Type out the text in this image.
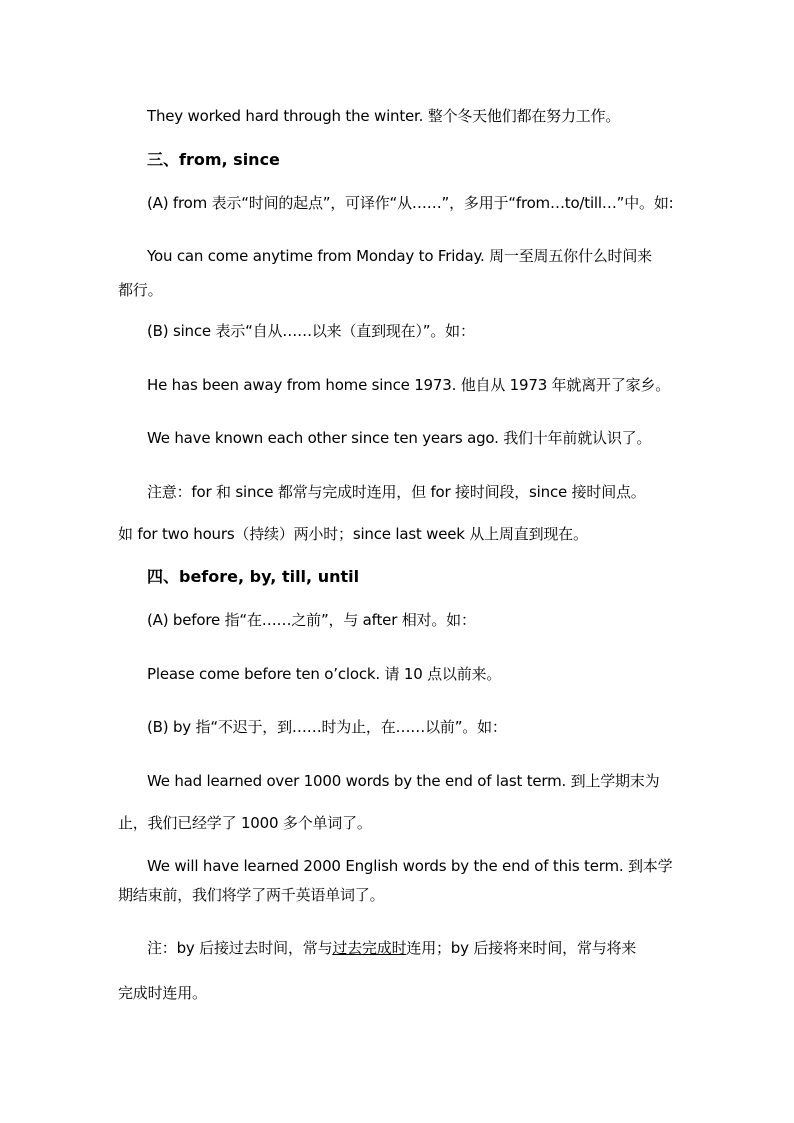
They worked hard through the winter. 整个冬天他们都在努力工作。
三、from, since
(A) from 表示“时间的起点”，可译作“从……”，多用于“from…to/till…”中。如:
You can come anytime from Monday to Friday. 周一至周五你什么时间来
都行。
(B) since 表示“自从……以来（直到现在）”。如：
He has been away from home since 1973. 他自从 1973 年就离开了家乡。
We have known each other since ten years ago. 我们十年前就认识了。
注意：for 和 since 都常与完成时连用，但 for 接时间段，since 接时间点。
如 for two hours（持续）两小时；since last week 从上周直到现在。
四、before, by, till, until
(A) before 指“在……之前”，与 after 相对。如：
Please come before ten o’clock. 请 10 点以前来。
(B) by 指“不迟于，到……时为止，在……以前”。如：
We had learned over 1000 words by the end of last term. 到上学期末为
止，我们已经学了 1000 多个单词了。
We will have learned 2000 English words by the end of this term. 到本学
期结束前，我们将学了两千英语单词了。
注：by 后接过去时间，常与过去完成时连用；by 后接将来时间，常与将来
完成时连用。
